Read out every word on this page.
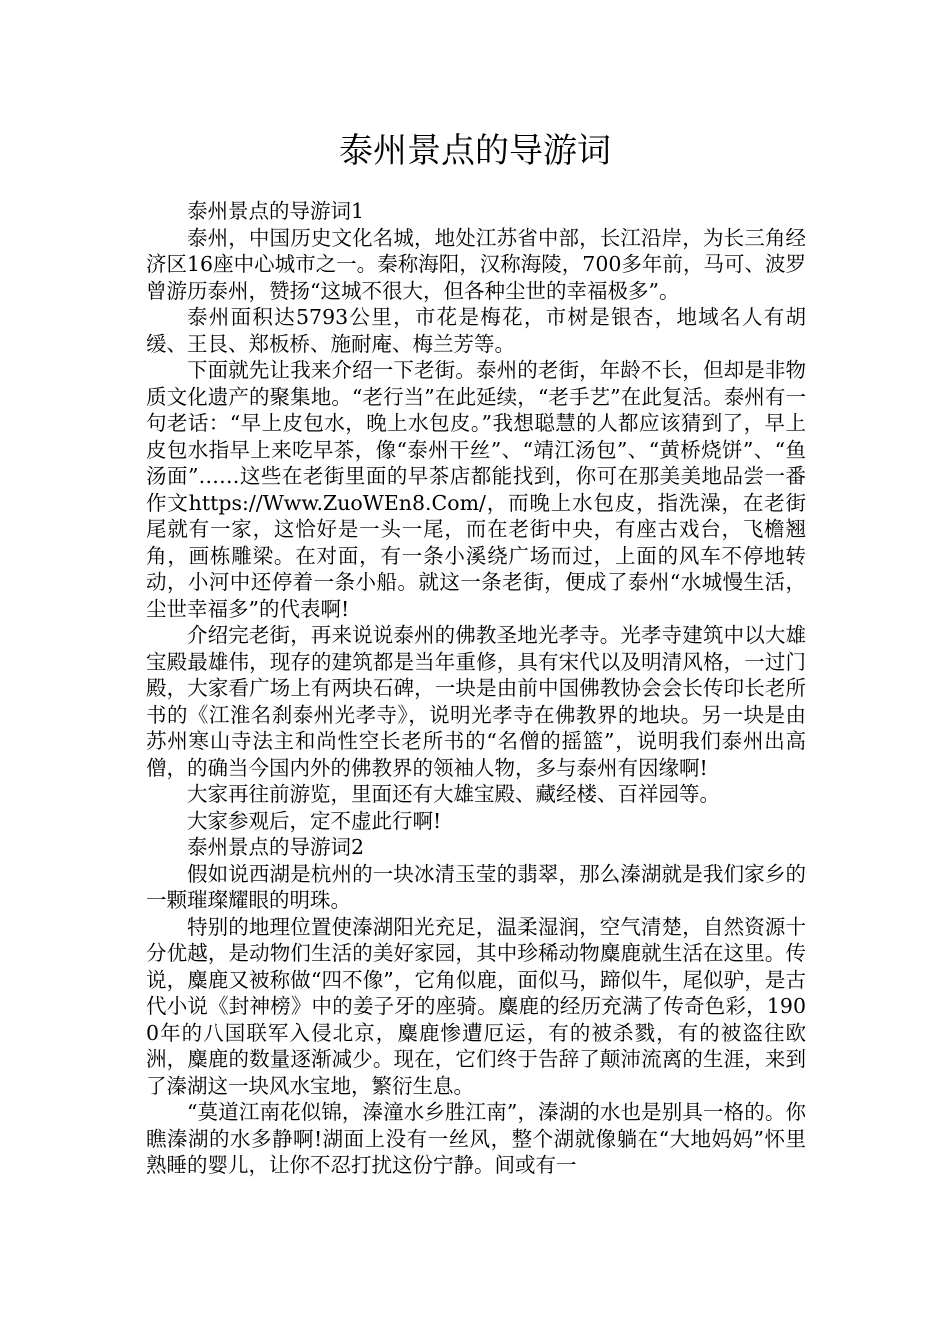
泰州景点的导游词

泰州景点的导游词1

泰州，中国历史文化名城，地处江苏省中部，长江沿岸，为长三角经济区16座中心城市之一。秦称海阳，汉称海陵，700多年前，马可、波罗曾游历泰州，赞扬“这城不很大，但各种尘世的幸福极多”。

泰州面积达5793公里，市花是梅花，市树是银杏，地域名人有胡缓、王艮、郑板桥、施耐庵、梅兰芳等。

下面就先让我来介绍一下老街。泰州的老街，年龄不长，但却是非物质文化遗产的聚集地。“老行当”在此延续，“老手艺”在此复活。泰州有一句老话：“早上皮包水，晚上水包皮。”我想聪慧的人都应该猜到了，早上皮包水指早上来吃早茶，像“泰州干丝”、“靖江汤包”、“黄桥烧饼”、“鱼汤面”……这些在老街里面的早茶店都能找到，你可在那美美地品尝一番作文https://Www.ZuoWEn8.Com/，而晚上水包皮，指洗澡，在老街尾就有一家，这恰好是一头一尾，而在老街中央，有座古戏台，飞檐翘角，画栋雕梁。在对面，有一条小溪绕广场而过，上面的风车不停地转动，小河中还停着一条小船。就这一条老街，便成了泰州“水城慢生活，尘世幸福多”的代表啊!

介绍完老街，再来说说泰州的佛教圣地光孝寺。光孝寺建筑中以大雄宝殿最雄伟，现存的建筑都是当年重修，具有宋代以及明清风格，一过门殿，大家看广场上有两块石碑，一块是由前中国佛教协会会长传印长老所书的《江淮名刹泰州光孝寺》，说明光孝寺在佛教界的地块。另一块是由苏州寒山寺法主和尚性空长老所书的“名僧的摇篮”，说明我们泰州出高僧，的确当今国内外的佛教界的领袖人物，多与泰州有因缘啊!

大家再往前游览，里面还有大雄宝殿、藏经楼、百祥园等。

大家参观后，定不虚此行啊!

泰州景点的导游词2

假如说西湖是杭州的一块冰清玉莹的翡翠，那么溱湖就是我们家乡的一颗璀璨耀眼的明珠。

特别的地理位置使溱湖阳光充足，温柔湿润，空气清楚，自然资源十分优越，是动物们生活的美好家园，其中珍稀动物麋鹿就生活在这里。传说，麋鹿又被称做“四不像”，它角似鹿，面似马，蹄似牛，尾似驴，是古代小说《封神榜》中的姜子牙的座骑。麋鹿的经历充满了传奇色彩，1900年的八国联军入侵北京，麋鹿惨遭厄运，有的被杀戮，有的被盗往欧洲，麋鹿的数量逐渐减少。现在，它们终于告辞了颠沛流离的生涯，来到了溱湖这一块风水宝地，繁衍生息。

“莫道江南花似锦，溱潼水乡胜江南”，溱湖的水也是别具一格的。你瞧溱湖的水多静啊!湖面上没有一丝风，整个湖就像躺在“大地妈妈”怀里熟睡的婴儿，让你不忍打扰这份宁静。间或有一
